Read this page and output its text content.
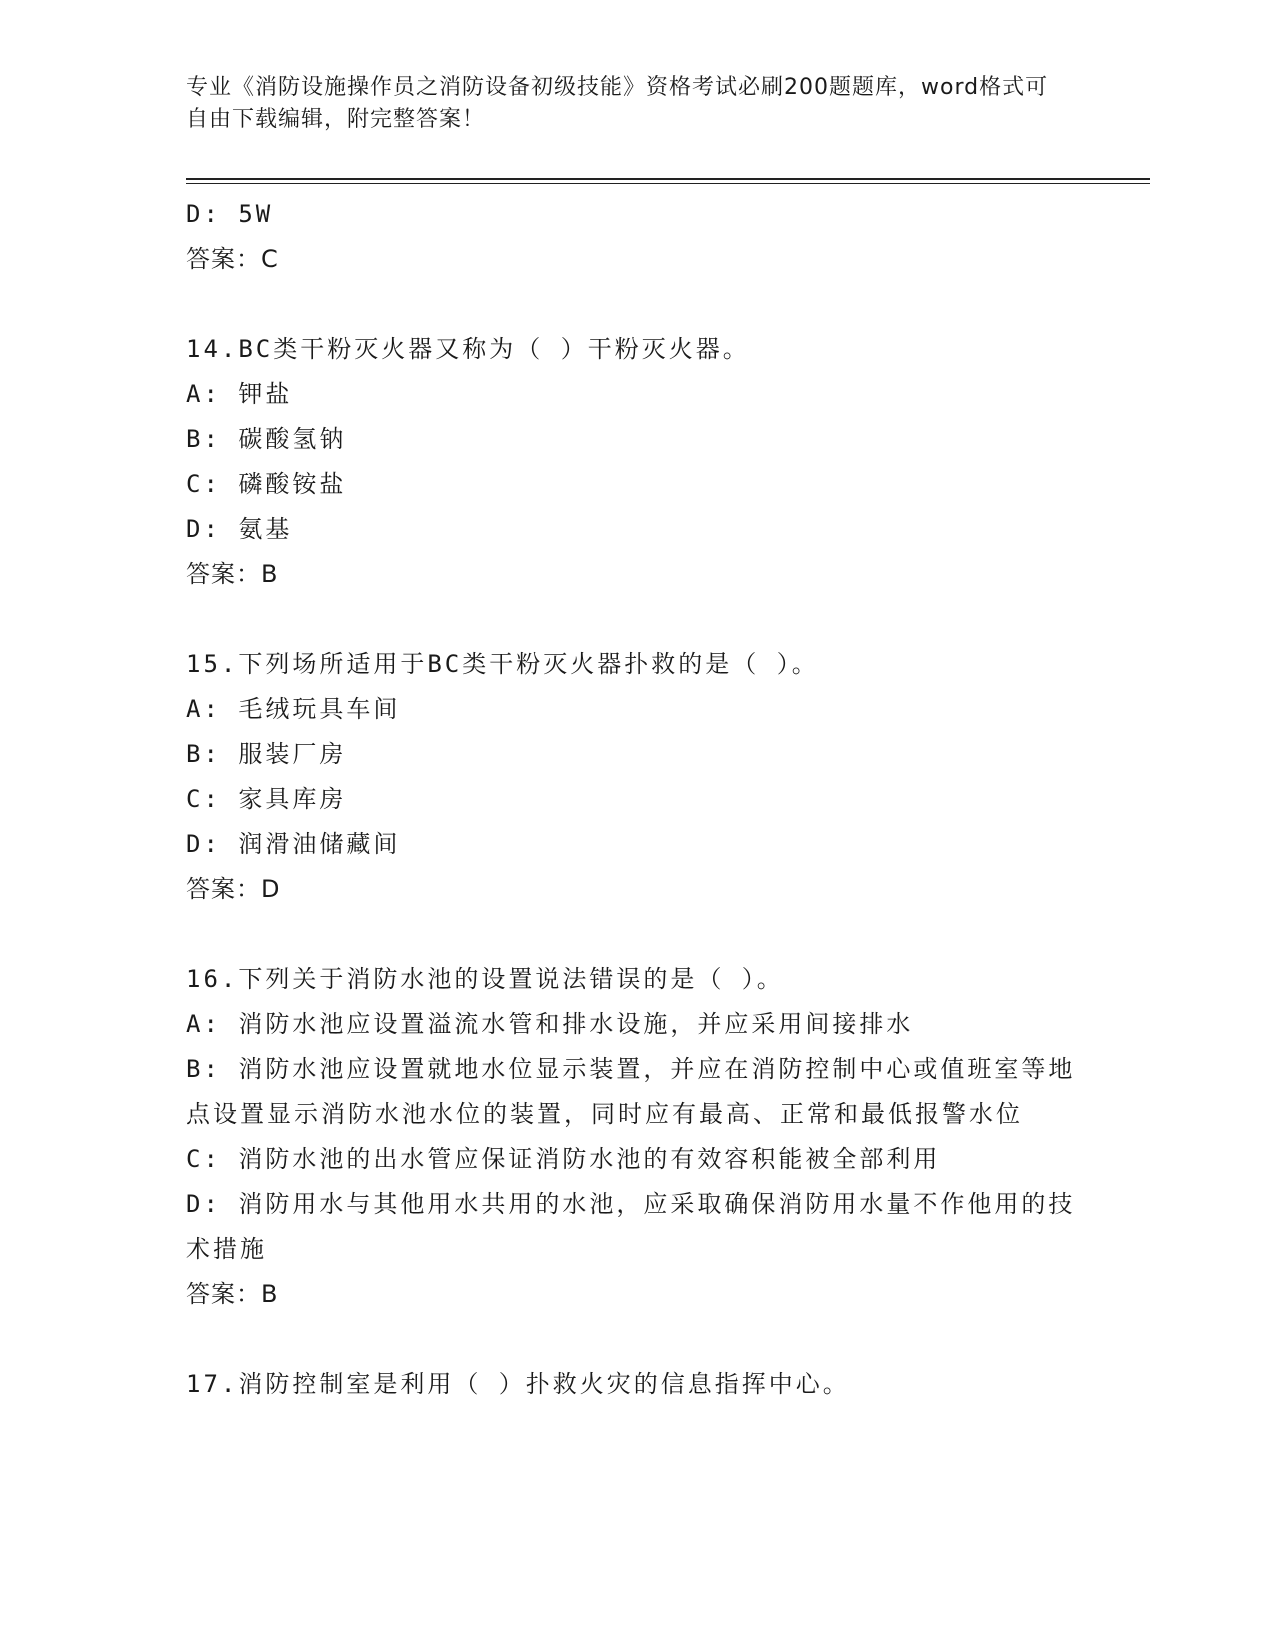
专业《消防设施操作员之消防设备初级技能》资格考试必刷200题题库，word格式可自由下载编辑，附完整答案！

D: 5W

答案：C

14.BC类干粉灭火器又称为（ ）干粉灭火器。

A: 钾盐

B: 碳酸氢钠

C: 磷酸铵盐

D: 氨基

答案：B

15.下列场所适用于BC类干粉灭火器扑救的是（ ）。

A: 毛绒玩具车间

B: 服装厂房

C: 家具库房

D: 润滑油储藏间

答案：D

16.下列关于消防水池的设置说法错误的是（ ）。

A: 消防水池应设置溢流水管和排水设施，并应采用间接排水

B: 消防水池应设置就地水位显示装置，并应在消防控制中心或值班室等地点设置显示消防水池水位的装置，同时应有最高、正常和最低报警水位

C: 消防水池的出水管应保证消防水池的有效容积能被全部利用

D: 消防用水与其他用水共用的水池，应采取确保消防用水量不作他用的技术措施

答案：B

17.消防控制室是利用（ ）扑救火灾的信息指挥中心。
